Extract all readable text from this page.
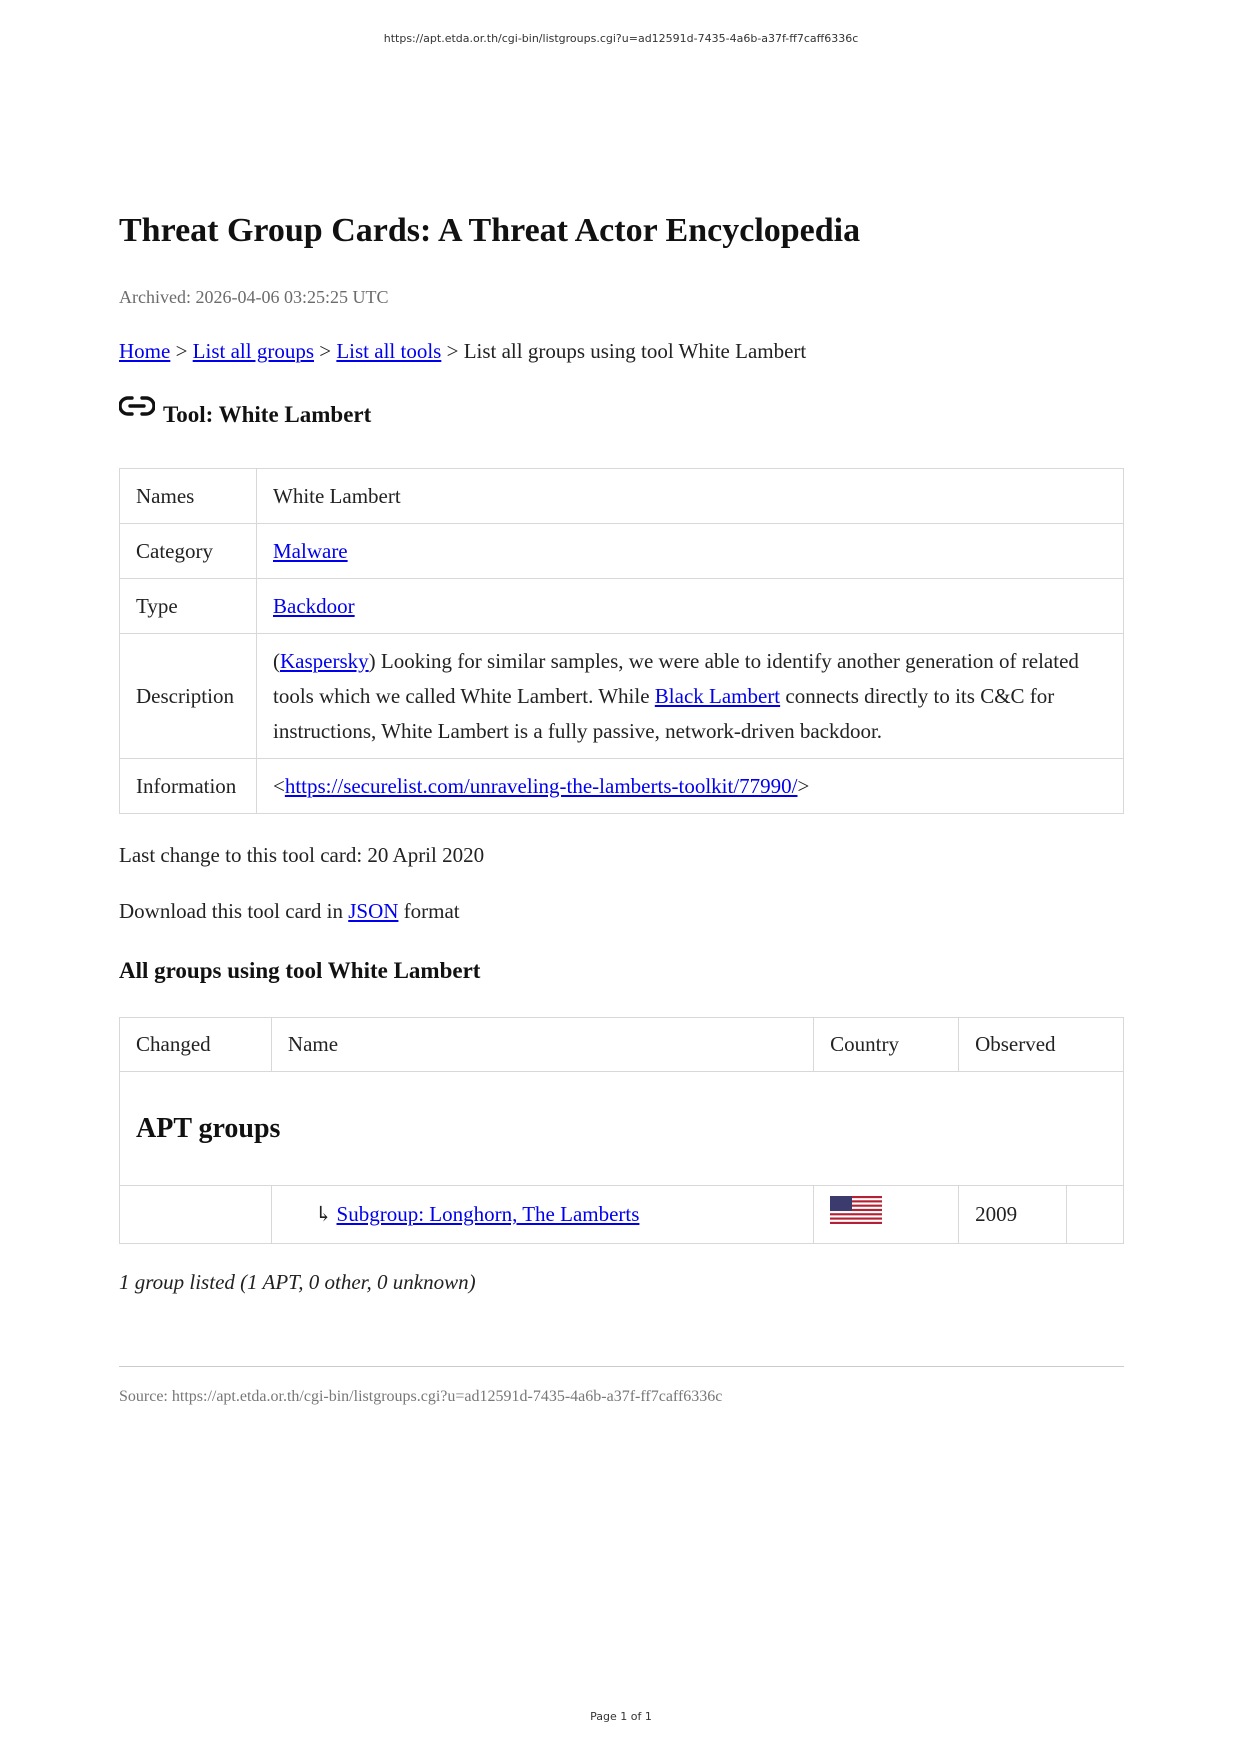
https://apt.etda.or.th/cgi-bin/listgroups.cgi?u=ad12591d-7435-4a6b-a37f-ff7caff6336c
Threat Group Cards: A Threat Actor Encyclopedia
Archived: 2026-04-06 03:25:25 UTC
Home > List all groups > List all tools > List all groups using tool White Lambert
Tool: White Lambert
Names	White Lambert
Category	Malware
Type	Backdoor
Description	(Kaspersky) Looking for similar samples, we were able to identify another generation of related tools which we called White Lambert. While Black Lambert connects directly to its C&C for instructions, White Lambert is a fully passive, network-driven backdoor.
Information	<https://securelist.com/unraveling-the-lamberts-toolkit/77990/>
Last change to this tool card: 20 April 2020
Download this tool card in JSON format
All groups using tool White Lambert
Changed	Name	Country	Observed	
APT groups				
	↳ Subgroup: Longhorn, The Lamberts		2009	
1 group listed (1 APT, 0 other, 0 unknown)
Source: https://apt.etda.or.th/cgi-bin/listgroups.cgi?u=ad12591d-7435-4a6b-a37f-ff7caff6336c
Page 1 of 1
